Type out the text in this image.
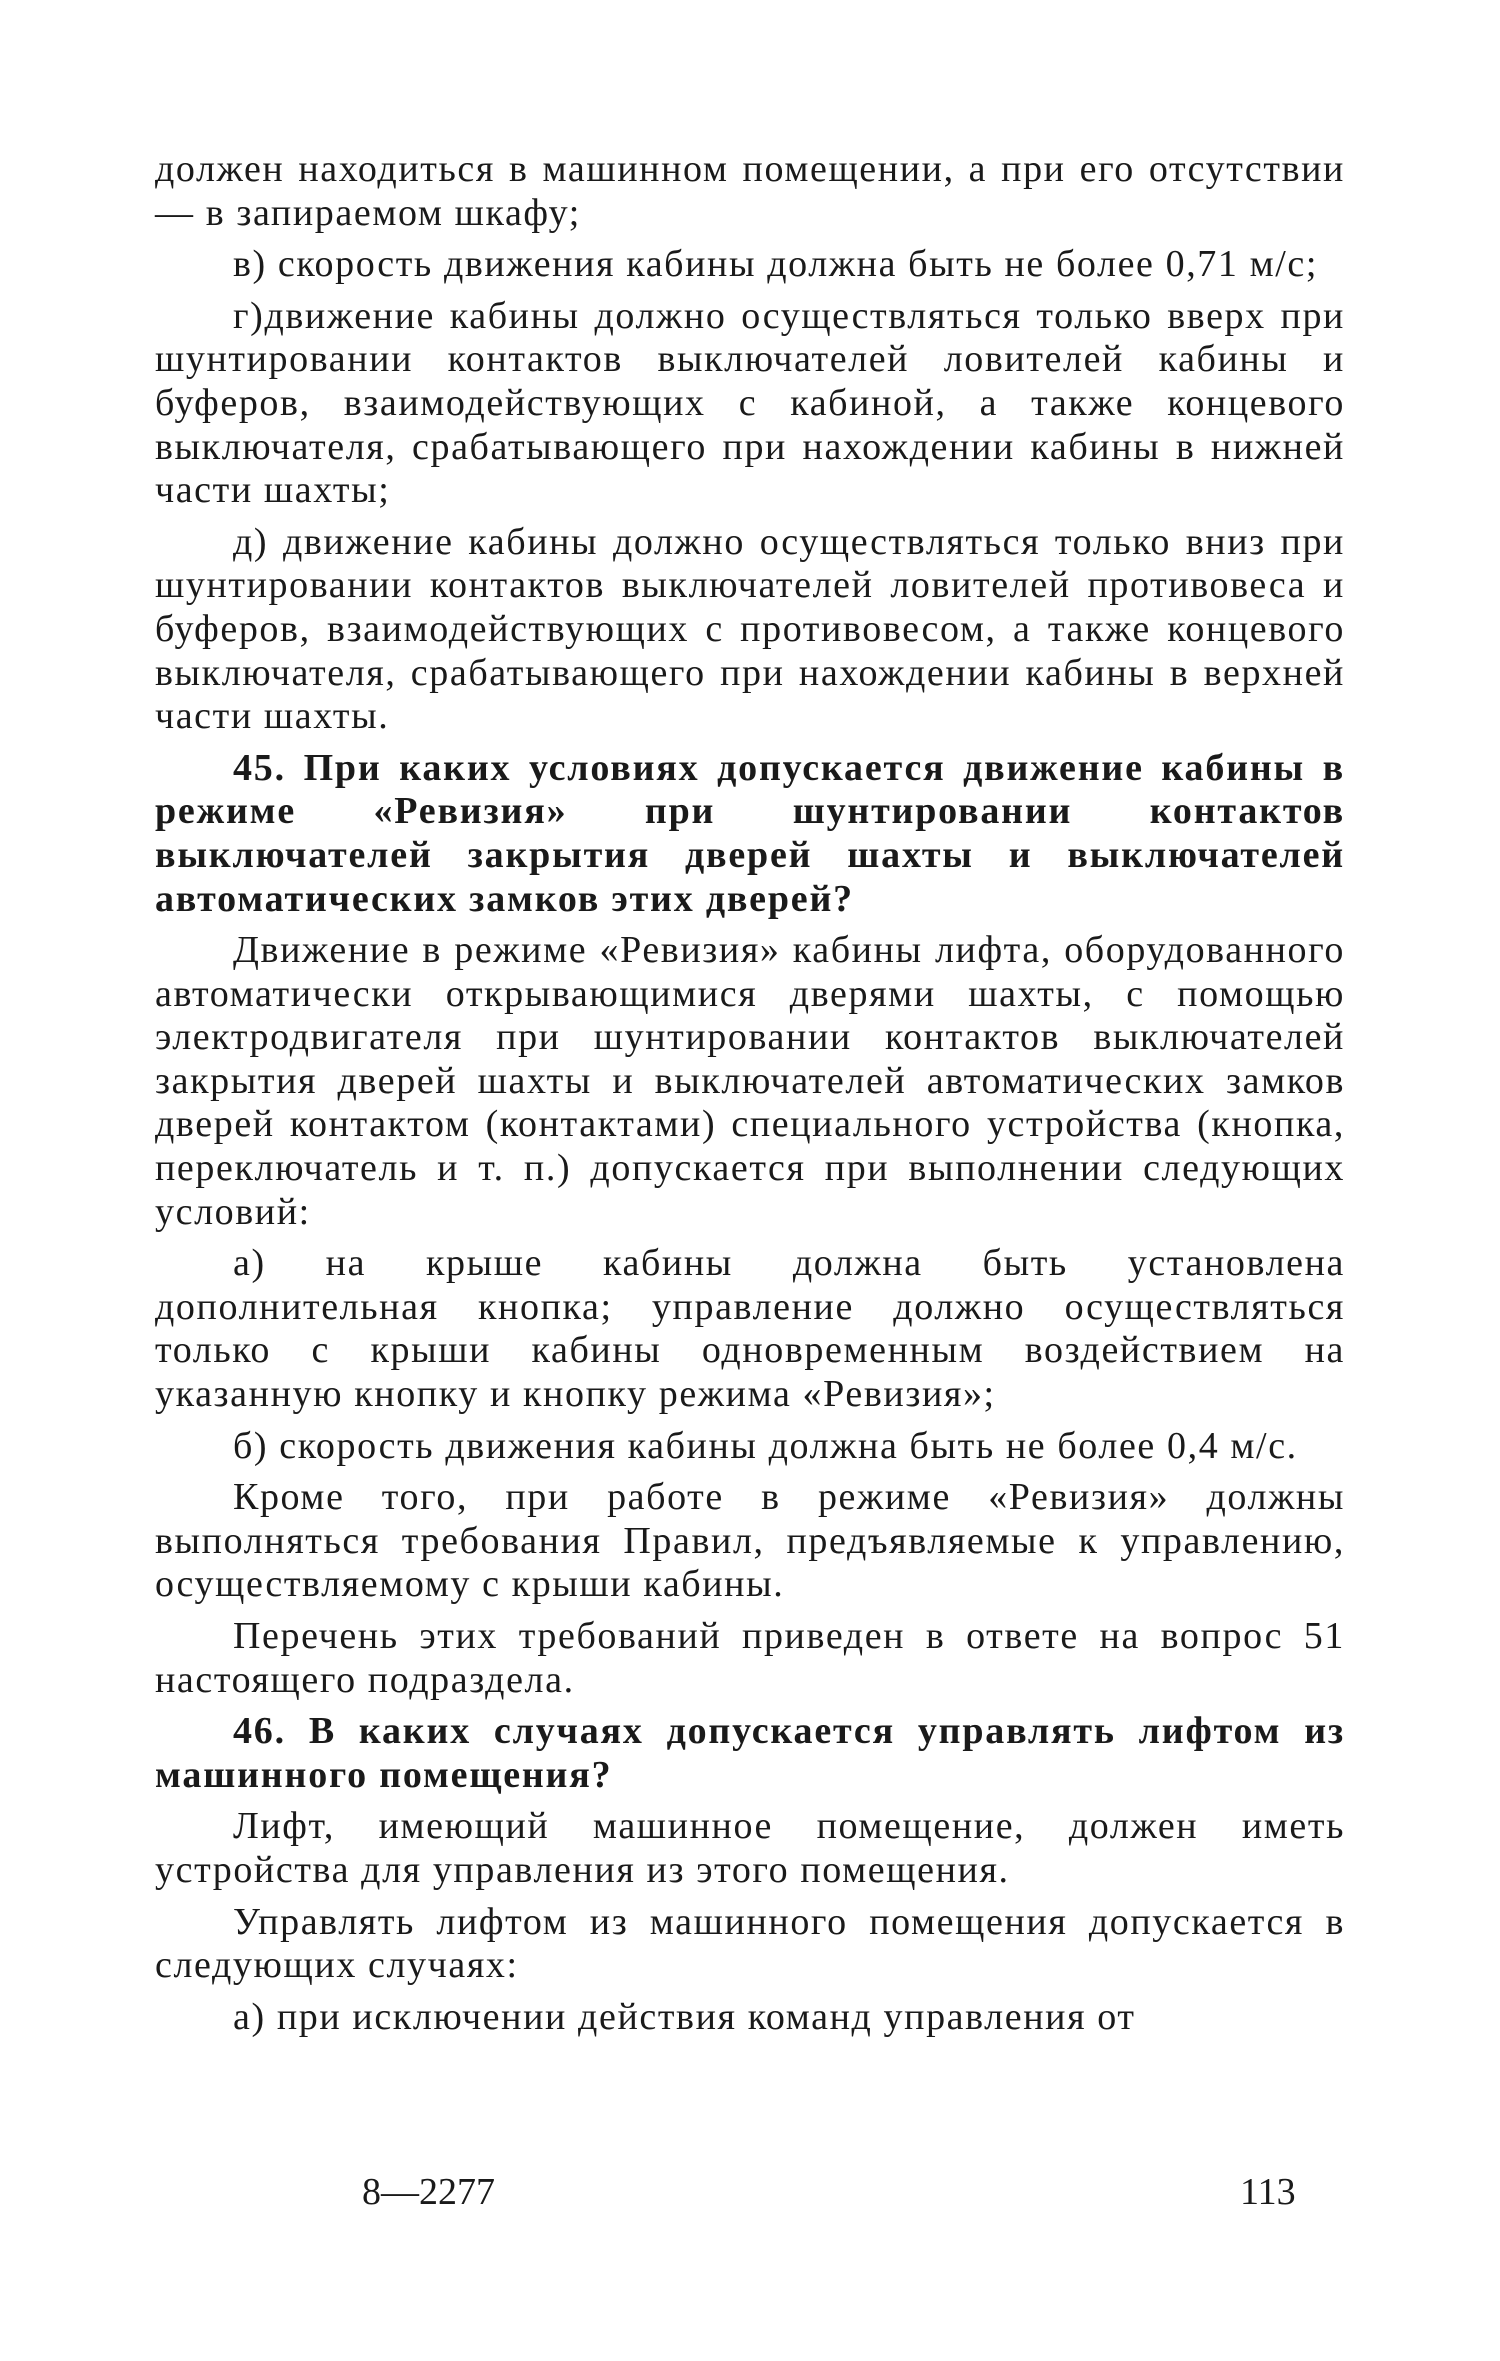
должен находиться в машинном помещении, а при его отсутствии — в запираемом шкафу;

в) скорость движения кабины должна быть не более 0,71 м/с;

г)движение кабины должно осуществляться только вверх при шунтировании контактов выключателей ловителей кабины и буферов, взаимодействующих с кабиной, а также концевого выключателя, срабатывающего при нахождении кабины в нижней части шахты;

д) движение кабины должно осуществляться только вниз при шунтировании контактов выключателей ловителей противовеса и буферов, взаимодействующих с противовесом, а также концевого выключателя, срабатывающего при нахождении кабины в верхней части шахты.

45. При каких условиях допускается движение кабины в режиме «Ревизия» при шунтировании контактов выключателей закрытия дверей шахты и выключателей автоматических замков этих дверей?

Движение в режиме «Ревизия» кабины лифта, оборудованного автоматически открывающимися дверями шахты, с помощью электродвигателя при шунтировании контактов выключателей закрытия дверей шахты и выключателей автоматических замков дверей контактом (контактами) специального устройства (кнопка, переключатель и т. п.) допускается при выполнении следующих условий:

а) на крыше кабины должна быть установлена дополнительная кнопка; управление должно осуществляться только с крыши кабины одновременным воздействием на указанную кнопку и кнопку режима «Ревизия»;

б) скорость движения кабины должна быть не более 0,4 м/с.

Кроме того, при работе в режиме «Ревизия» должны выполняться требования Правил, предъявляемые к управлению, осуществляемому с крыши кабины.

Перечень этих требований приведен в ответе на вопрос 51 настоящего подраздела.

46. В каких случаях допускается управлять лифтом из машинного помещения?

Лифт, имеющий машинное помещение, должен иметь устройства для управления из этого помещения.

Управлять лифтом из машинного помещения допускается в следующих случаях:

а) при исключении действия команд управления от

8—2277	113
